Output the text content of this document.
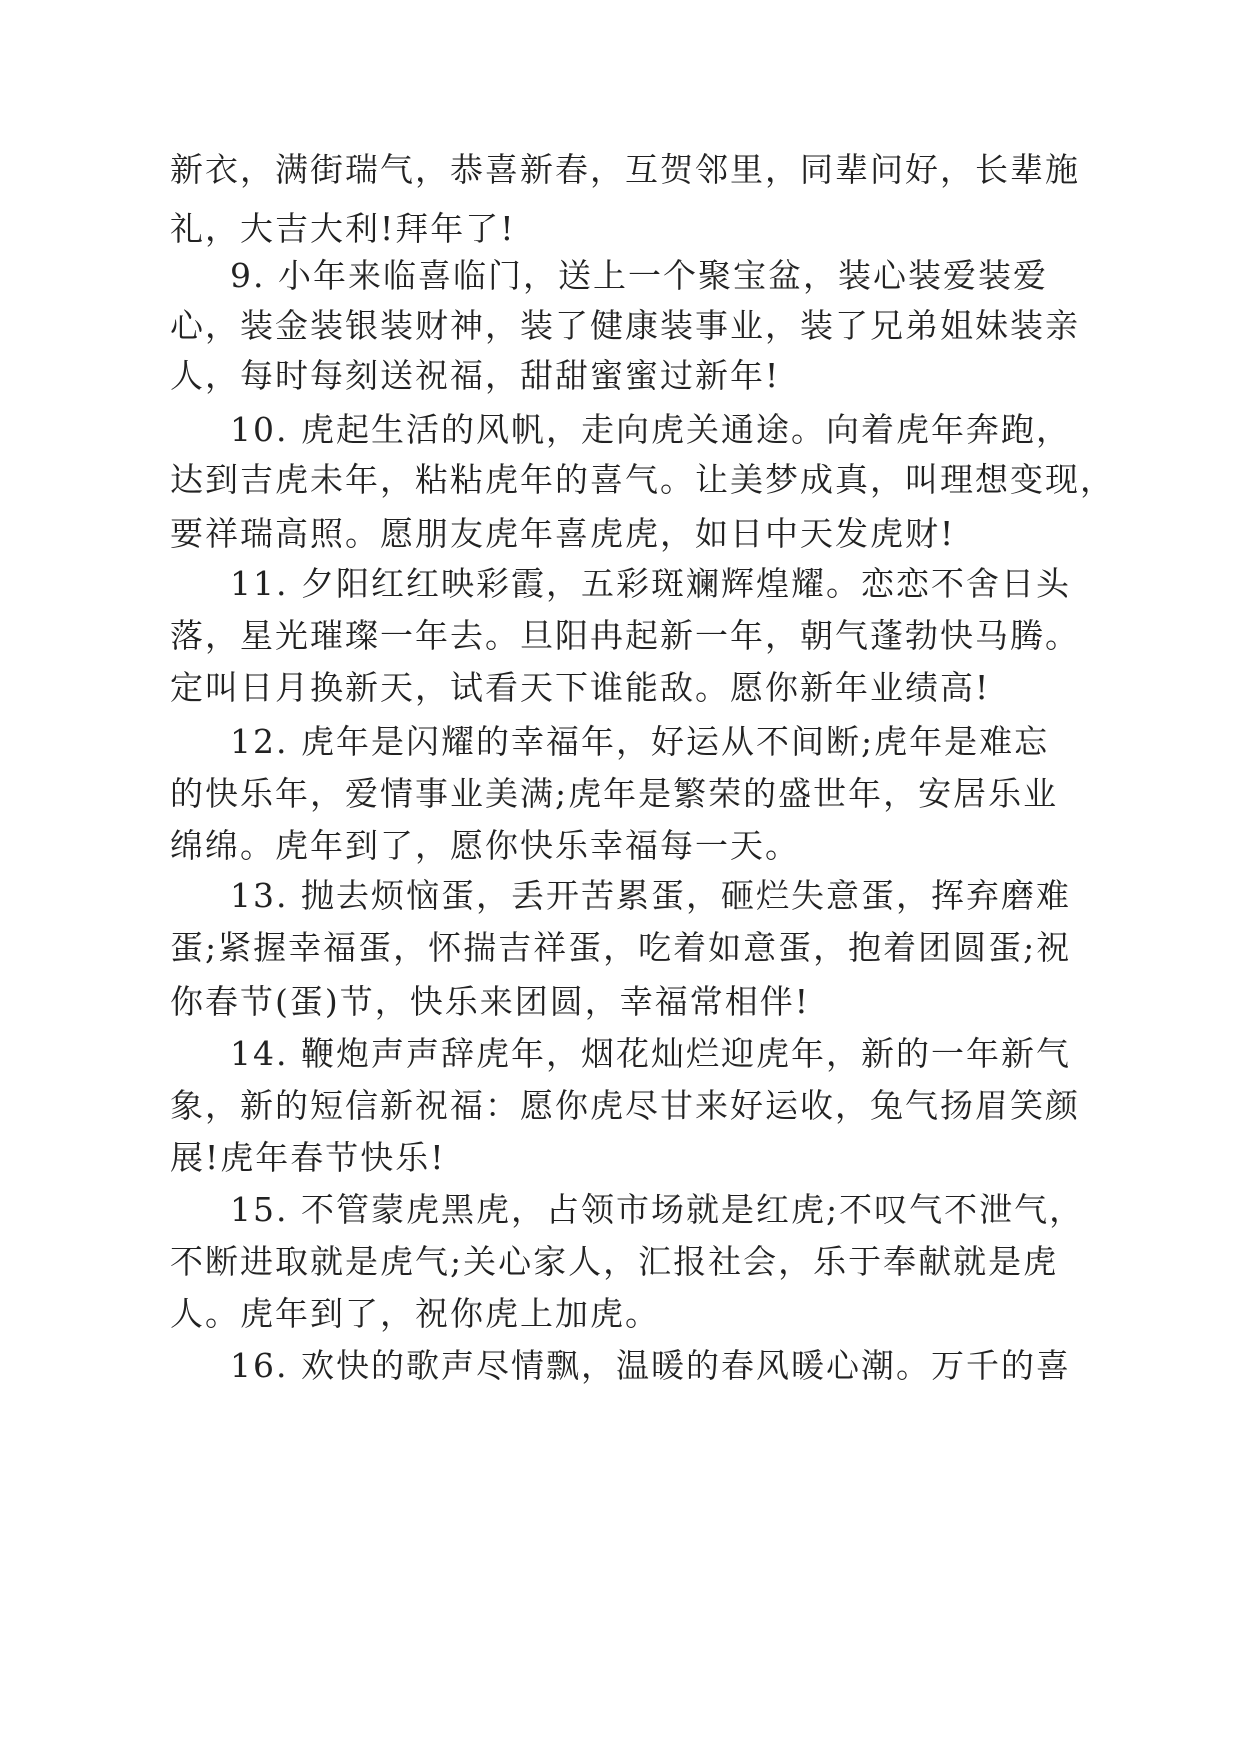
新衣，满街瑞气，恭喜新春，互贺邻里，同辈问好，长辈施
礼，大吉大利!拜年了!
9. 小年来临喜临门，送上一个聚宝盆，装心装爱装爱
心，装金装银装财神，装了健康装事业，装了兄弟姐妹装亲
人，每时每刻送祝福，甜甜蜜蜜过新年!
10. 虎起生活的风帆，走向虎关通途。向着虎年奔跑，
达到吉虎未年，粘粘虎年的喜气。让美梦成真，叫理想变现，
要祥瑞高照。愿朋友虎年喜虎虎，如日中天发虎财!
11. 夕阳红红映彩霞，五彩斑斓辉煌耀。恋恋不舍日头
落，星光璀璨一年去。旦阳冉起新一年，朝气蓬勃快马腾。
定叫日月换新天，试看天下谁能敌。愿你新年业绩高!
12. 虎年是闪耀的幸福年，好运从不间断;虎年是难忘
的快乐年，爱情事业美满;虎年是繁荣的盛世年，安居乐业
绵绵。虎年到了，愿你快乐幸福每一天。
13. 抛去烦恼蛋，丢开苦累蛋，砸烂失意蛋，挥弃磨难
蛋;紧握幸福蛋，怀揣吉祥蛋，吃着如意蛋，抱着团圆蛋;祝
你春节(蛋)节，快乐来团圆，幸福常相伴!
14. 鞭炮声声辞虎年，烟花灿烂迎虎年，新的一年新气
象，新的短信新祝福：愿你虎尽甘来好运收，兔气扬眉笑颜
展!虎年春节快乐!
15. 不管蒙虎黑虎，占领市场就是红虎;不叹气不泄气，
不断进取就是虎气;关心家人，汇报社会，乐于奉献就是虎
人。虎年到了，祝你虎上加虎。
16. 欢快的歌声尽情飘，温暖的春风暖心潮。万千的喜
